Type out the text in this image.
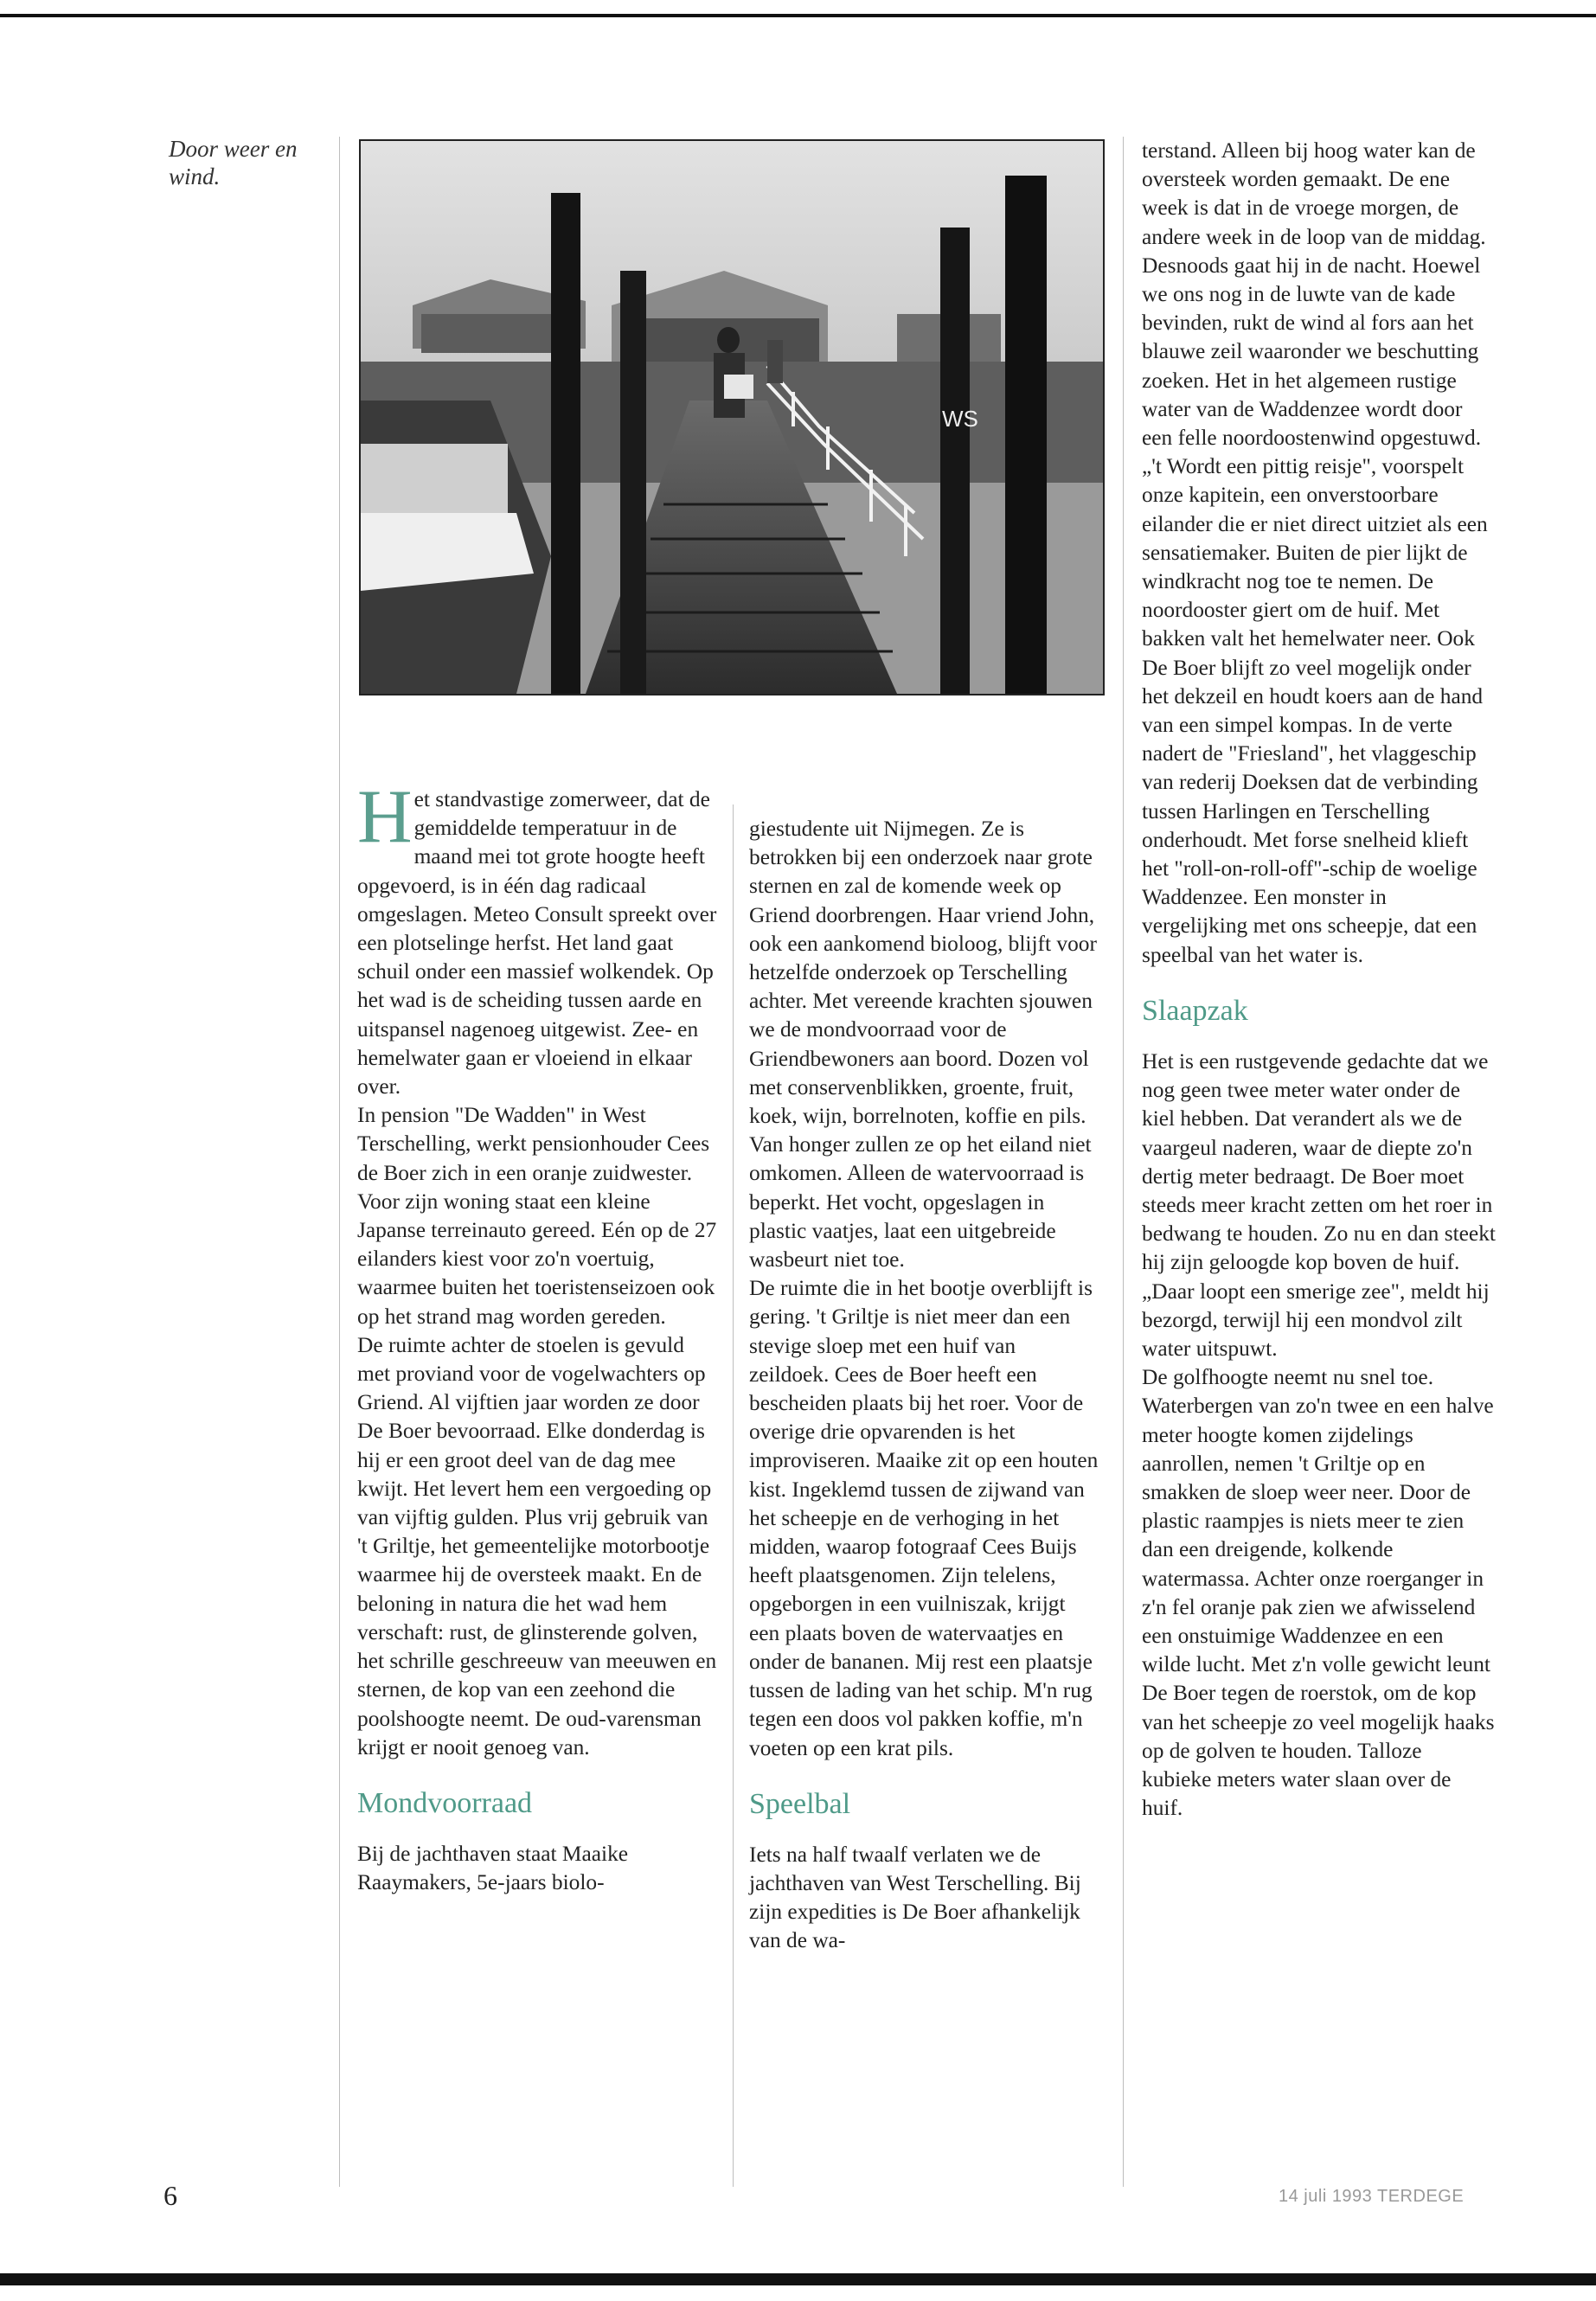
Door weer en wind.
WS

Het standvastige zomerweer, dat de gemiddelde temperatuur in de maand mei tot grote hoogte heeft opgevoerd, is in één dag radicaal omgeslagen. Meteo Consult spreekt over een plotselinge herfst. Het land gaat schuil onder een massief wolkendek. Op het wad is de scheiding tussen aarde en uitspansel nagenoeg uitgewist. Zee- en hemelwater gaan er vloeiend in elkaar over.

In pension "De Wadden" in West Terschelling, werkt pensionhouder Cees de Boer zich in een oranje zuidwester. Voor zijn woning staat een kleine Japanse terreinauto gereed. Eén op de 27 eilanders kiest voor zo'n voertuig, waarmee buiten het toeristenseizoen ook op het strand mag worden gereden.

De ruimte achter de stoelen is gevuld met proviand voor de vogelwachters op Griend. Al vijftien jaar worden ze door De Boer bevoorraad. Elke donderdag is hij er een groot deel van de dag mee kwijt. Het levert hem een vergoeding op van vijftig gulden. Plus vrij gebruik van 't Griltje, het gemeentelijke motorbootje waarmee hij de oversteek maakt. En de beloning in natura die het wad hem verschaft: rust, de glinsterende golven, het schrille geschreeuw van meeuwen en sternen, de kop van een zeehond die poolshoogte neemt. De oud-varensman krijgt er nooit genoeg van.

Mondvoorraad

Bij de jachthaven staat Maaike Raaymakers, 5e-jaars biolo-

giestudente uit Nijmegen. Ze is betrokken bij een onderzoek naar grote sternen en zal de komende week op Griend doorbrengen. Haar vriend John, ook een aankomend bioloog, blijft voor hetzelfde onderzoek op Terschelling achter. Met vereende krachten sjouwen we de mondvoorraad voor de Griendbewoners aan boord. Dozen vol met conservenblikken, groente, fruit, koek, wijn, borrelnoten, koffie en pils. Van honger zullen ze op het eiland niet omkomen. Alleen de watervoorraad is beperkt. Het vocht, opgeslagen in plastic vaatjes, laat een uitgebreide wasbeurt niet toe.

De ruimte die in het bootje overblijft is gering. 't Griltje is niet meer dan een stevige sloep met een huif van zeildoek. Cees de Boer heeft een bescheiden plaats bij het roer. Voor de overige drie opvarenden is het improviseren. Maaike zit op een houten kist. Ingeklemd tussen de zijwand van het scheepje en de verhoging in het midden, waarop fotograaf Cees Buijs heeft plaatsgenomen. Zijn telelens, opgeborgen in een vuilniszak, krijgt een plaats boven de watervaatjes en onder de bananen. Mij rest een plaatsje tussen de lading van het schip. M'n rug tegen een doos vol pakken koffie, m'n voeten op een krat pils.

Speelbal

Iets na half twaalf verlaten we de jachthaven van West Terschelling. Bij zijn expedities is De Boer afhankelijk van de wa-

terstand. Alleen bij hoog water kan de oversteek worden gemaakt. De ene week is dat in de vroege morgen, de andere week in de loop van de middag. Desnoods gaat hij in de nacht. Hoewel we ons nog in de luwte van de kade bevinden, rukt de wind al fors aan het blauwe zeil waaronder we beschutting zoeken. Het in het algemeen rustige water van de Waddenzee wordt door een felle noordoostenwind opgestuwd. „'t Wordt een pittig reisje", voorspelt onze kapitein, een onverstoorbare eilander die er niet direct uitziet als een sensatiemaker. Buiten de pier lijkt de windkracht nog toe te nemen. De noordooster giert om de huif. Met bakken valt het hemelwater neer. Ook De Boer blijft zo veel mogelijk onder het dekzeil en houdt koers aan de hand van een simpel kompas. In de verte nadert de "Friesland", het vlaggeschip van rederij Doeksen dat de verbinding tussen Harlingen en Terschelling onderhoudt. Met forse snelheid klieft het "roll-on-roll-off"-schip de woelige Waddenzee. Een monster in vergelijking met ons scheepje, dat een speelbal van het water is.

Slaapzak

Het is een rustgevende gedachte dat we nog geen twee meter water onder de kiel hebben. Dat verandert als we de vaargeul naderen, waar de diepte zo'n dertig meter bedraagt. De Boer moet steeds meer kracht zetten om het roer in bedwang te houden. Zo nu en dan steekt hij zijn geloogde kop boven de huif. „Daar loopt een smerige zee", meldt hij bezorgd, terwijl hij een mondvol zilt water uitspuwt.

De golfhoogte neemt nu snel toe. Waterbergen van zo'n twee en een halve meter hoogte komen zijdelings aanrollen, nemen 't Griltje op en smakken de sloep weer neer. Door de plastic raampjes is niets meer te zien dan een dreigende, kolkende watermassa. Achter onze roerganger in z'n fel oranje pak zien we afwisselend een onstuimige Waddenzee en een wilde lucht. Met z'n volle gewicht leunt De Boer tegen de roerstok, om de kop van het scheepje zo veel mogelijk haaks op de golven te houden. Talloze kubieke meters water slaan over de huif.

6	14 juli 1993 TERDEGE
